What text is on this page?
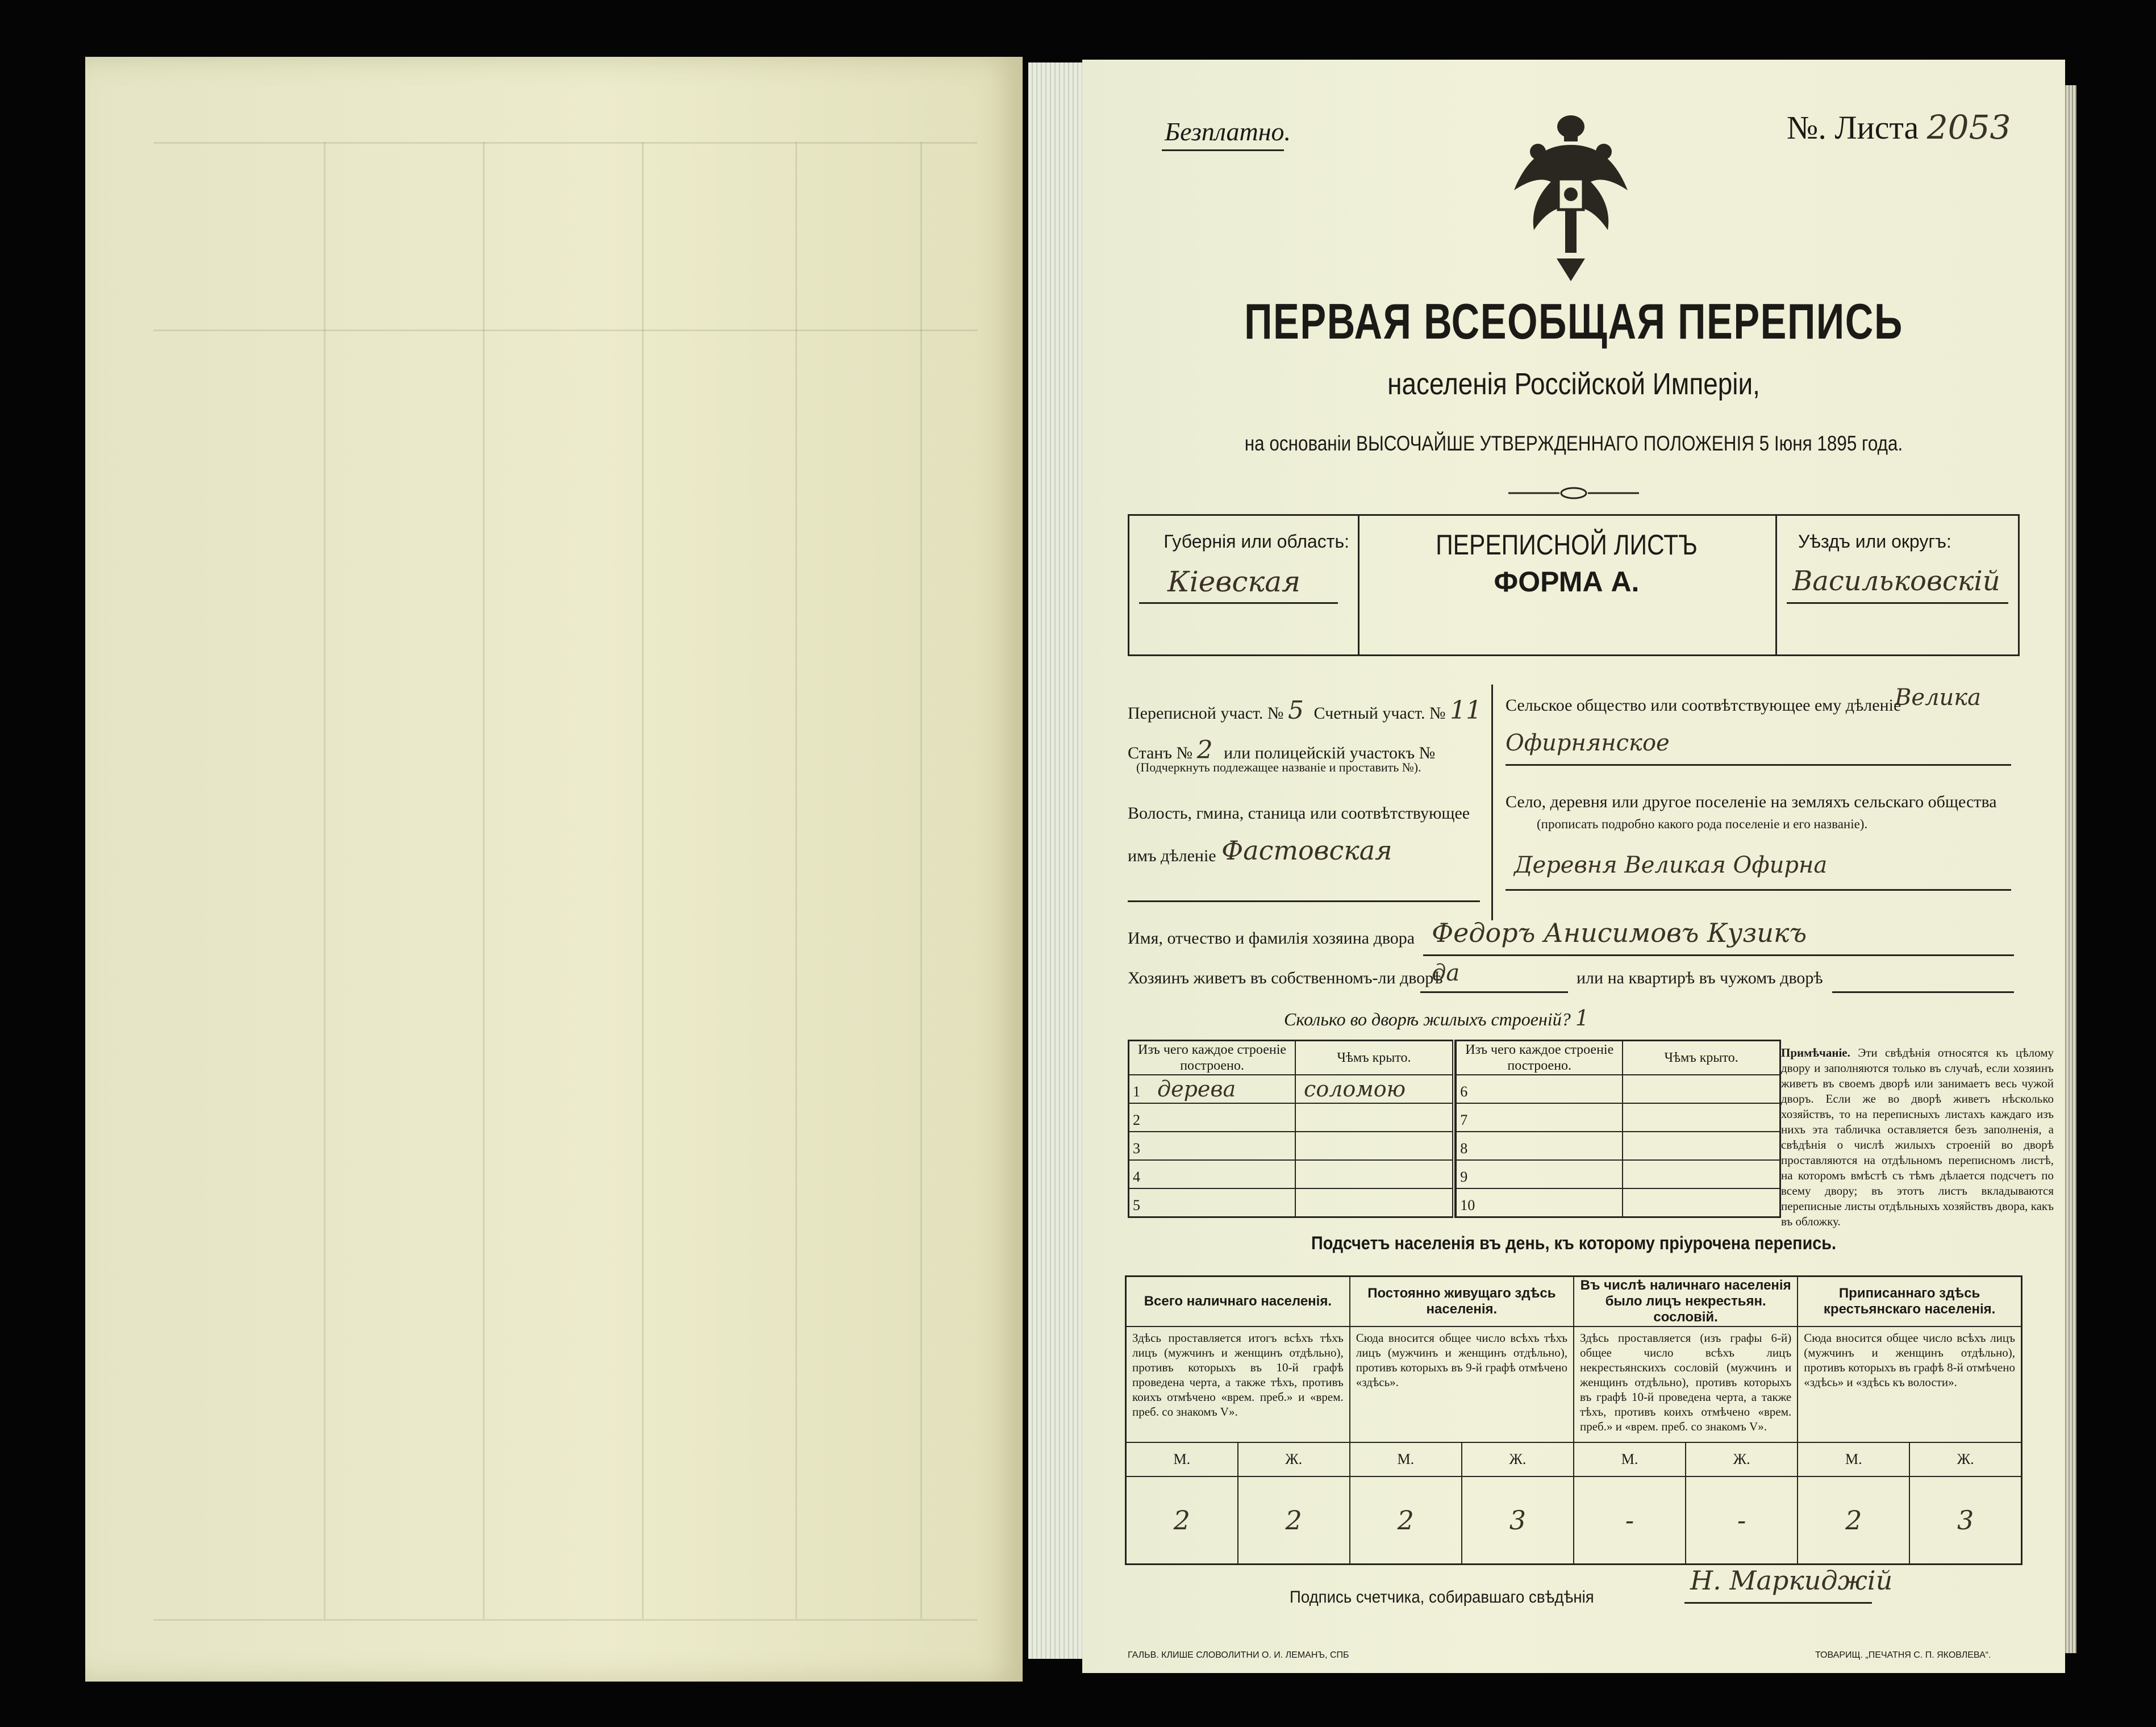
Безплатно.	№. Листа 2053
ПЕРВАЯ ВСЕОБЩАЯ ПЕРЕПИСЬ
населенія Россійской Имперіи,
на основаніи ВЫСОЧАЙШЕ УТВЕРЖДЕННАГО ПОЛОЖЕНІЯ 5 Іюня 1895 года.
Губернія или область:
Кіевская
ПЕРЕПИСНОЙ ЛИСТЪ
ФОРМА А.
Уѣздъ или округъ:
Васильковскій
Переписной участ. № 5 Счетный участ. № 11
Станъ № 2 или полицейскій участокъ №
(Подчеркнуть подлежащее названіе и проставить №).
Волость, гмина, станица или соотвѣтствующее
имъ дѣленіе Фастовская
Сельское общество или соотвѣтствующее ему дѣленіе
Велика
Офирнянское
Село, деревня или другое поселеніе на земляхъ сельскаго общества
(прописать подробно какого рода поселеніе и его названіе).
Деревня Великая Офирна
Имя, отчество и фамилія хозяина двора Федоръ Анисимовъ Кузикъ
Хозяинъ живетъ въ собственномъ-ли дворѣ
да	или на квартирѣ въ чужомъ дворѣ
Сколько во дворѣ жилыхъ строеній? 1
Изъ чего каждое строеніе построено.	Чѣмъ крыто.		Изъ чего каждое строеніе построено.	Чѣмъ крыто.
1 дерева	соломою		6	
2			7	
3			8	
4			9	
5			10	
Примѣчаніе. Эти свѣдѣнія относятся къ цѣлому двору и заполняются только въ случаѣ, если хозяинъ живетъ въ своемъ дворѣ или занимаетъ весь чужой дворъ. Если же во дворѣ живетъ нѣсколько хозяйствъ, то на переписныхъ листахъ каждаго изъ нихъ эта табличка оставляется безъ заполненія, а свѣдѣнія о числѣ жилыхъ строеній во дворѣ проставляются на отдѣльномъ переписномъ листѣ, на которомъ вмѣстѣ съ тѣмъ дѣлается подсчетъ по всему двору; въ этотъ листъ вкладываются переписные листы отдѣльныхъ хозяйствъ двора, какъ въ обложку.
Подсчетъ населенія въ день, къ которому пріурочена перепись.
Всего наличнаго населенія.		Постоянно живущаго здѣсь населенія.		Въ числѣ наличнаго населенія было лицъ некрестьян. сословій.		Приписаннаго здѣсь крестьянскаго населенія.	
Здѣсь проставляется итогъ всѣхъ тѣхъ лицъ (мужчинъ и женщинъ отдѣльно), противъ которыхъ въ 10-й графѣ проведена черта, а также тѣхъ, противъ коихъ отмѣчено «врем. преб.» и «врем. преб. со знакомъ V».		Сюда вносится общее число всѣхъ тѣхъ лицъ (мужчинъ и женщинъ отдѣльно), противъ которыхъ въ 9-й графѣ отмѣчено «здѣсь».		Здѣсь проставляется (изъ графы 6-й) общее число всѣхъ лицъ некрестьянскихъ сословій (мужчинъ и женщинъ отдѣльно), противъ которыхъ въ графѣ 10-й проведена черта, а также тѣхъ, противъ коихъ отмѣчено «врем. преб.» и «врем. преб. со знакомъ V».		Сюда вносится общее число всѣхъ лицъ (мужчинъ и женщинъ отдѣльно), противъ которыхъ въ графѣ 8-й отмѣчено «здѣсь» и «здѣсь къ волости».	
М.	Ж.	М.	Ж.	М.	Ж.	М.	Ж.
2	2	2	3	-	-	2	3
Подпись счетчика, собиравшаго свѣдѣнія
Н. Маркиджій
ГАЛЬВ. КЛИШЕ СЛОВОЛИТНИ О. И. ЛЕМАНЪ, СПБ	ТОВАРИЩ. „ПЕЧАТНЯ С. П. ЯКОВЛЕВА“.
